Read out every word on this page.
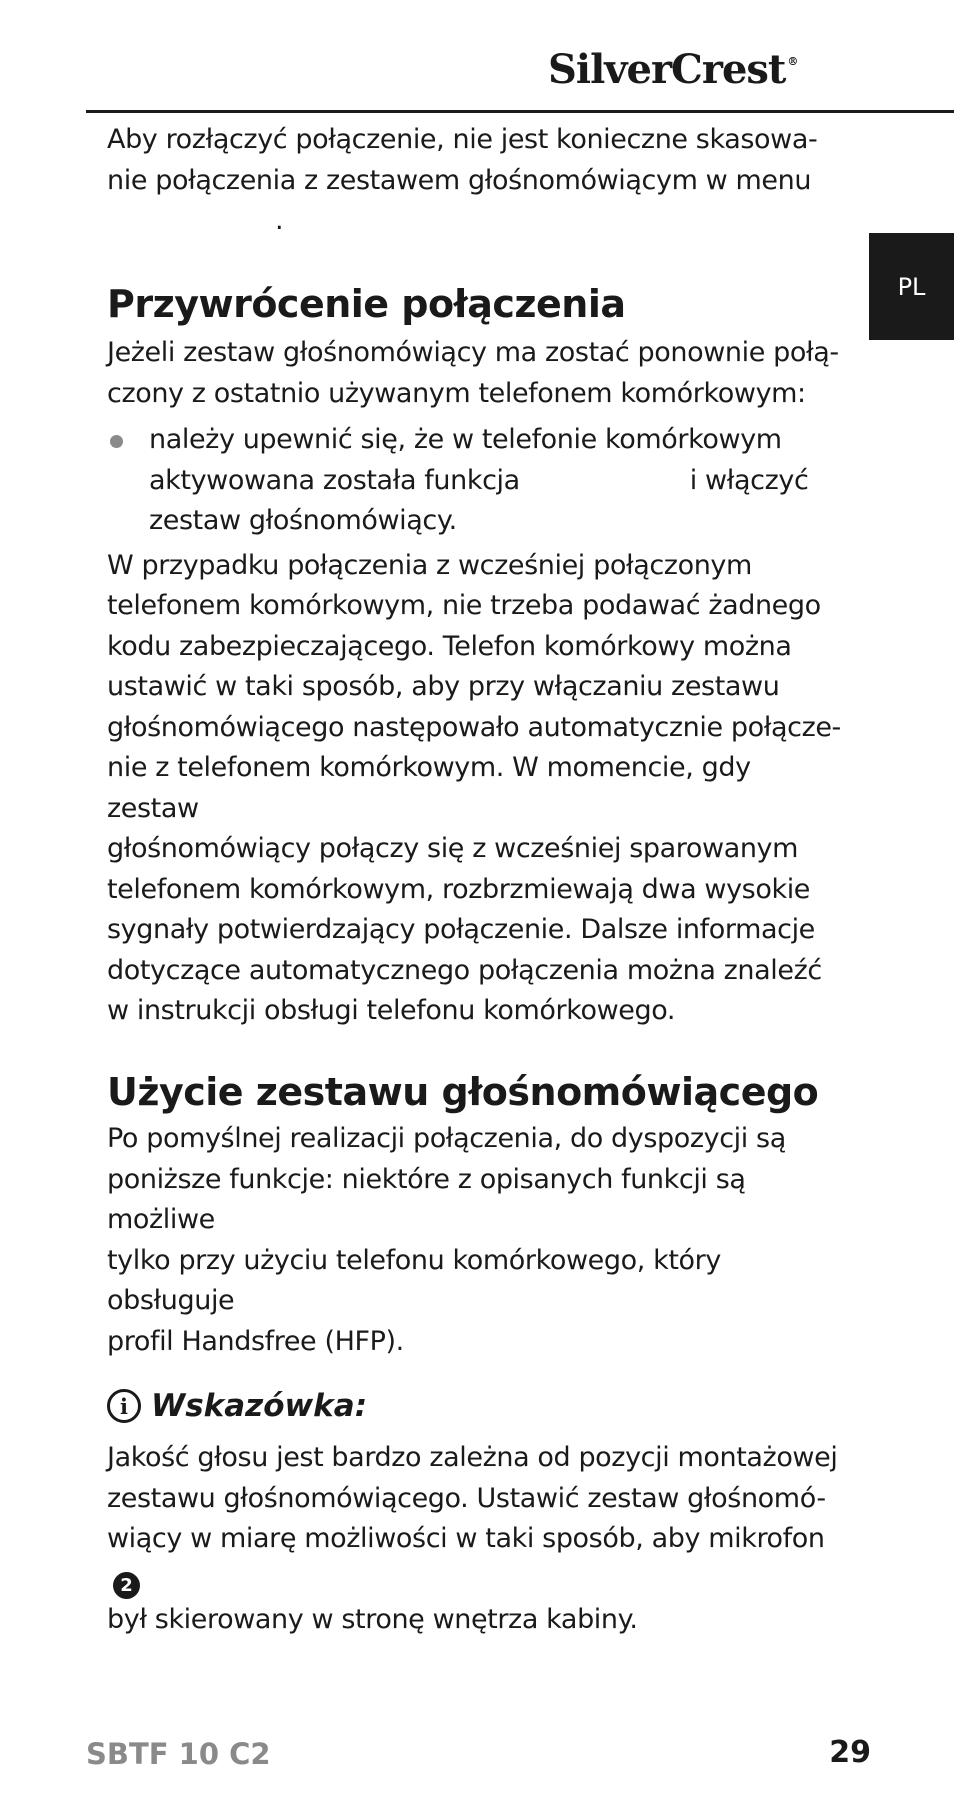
SilverCrest ®
PL

Aby rozłączyć połączenie, nie jest konieczne skasowa-

nie połączenia z zestawem głośnomówiącym w menu

.

Przywrócenie połączenia

Jeżeli zestaw głośnomówiący ma zostać ponownie połą-

czony z ostatnio używanym telefonem komórkowym:

należy upewnić się, że w telefonie komórkowym
aktywowana została funkcja	i włączyć
zestaw głośnomówiący.

W przypadku połączenia z wcześniej połączonym

telefonem komórkowym, nie trzeba podawać żadnego

kodu zabezpieczającego. Telefon komórkowy można

ustawić w taki sposób, aby przy włączaniu zestawu

głośnomówiącego następowało automatycznie połącze-

nie z telefonem komórkowym. W momencie, gdy zestaw

głośnomówiący połączy się z wcześniej sparowanym

telefonem komórkowym, rozbrzmiewają dwa wysokie

sygnały potwierdzający połączenie. Dalsze informacje

dotyczące automatycznego połączenia można znaleźć

w instrukcji obsługi telefonu komórkowego.

Użycie zestawu głośnomówiącego

Po pomyślnej realizacji połączenia, do dyspozycji są

poniższe funkcje: niektóre z opisanych funkcji są możliwe

tylko przy użyciu telefonu komórkowego, który obsługuje

profil Handsfree (HFP).

i Wskazówka:

Jakość głosu jest bardzo zależna od pozycji montażowej

zestawu głośnomówiącego. Ustawić zestaw głośnomó-

wiący w miarę możliwości w taki sposób, aby mikrofon2

był skierowany w stronę wnętrza kabiny.

SBTF 10 C2	29
